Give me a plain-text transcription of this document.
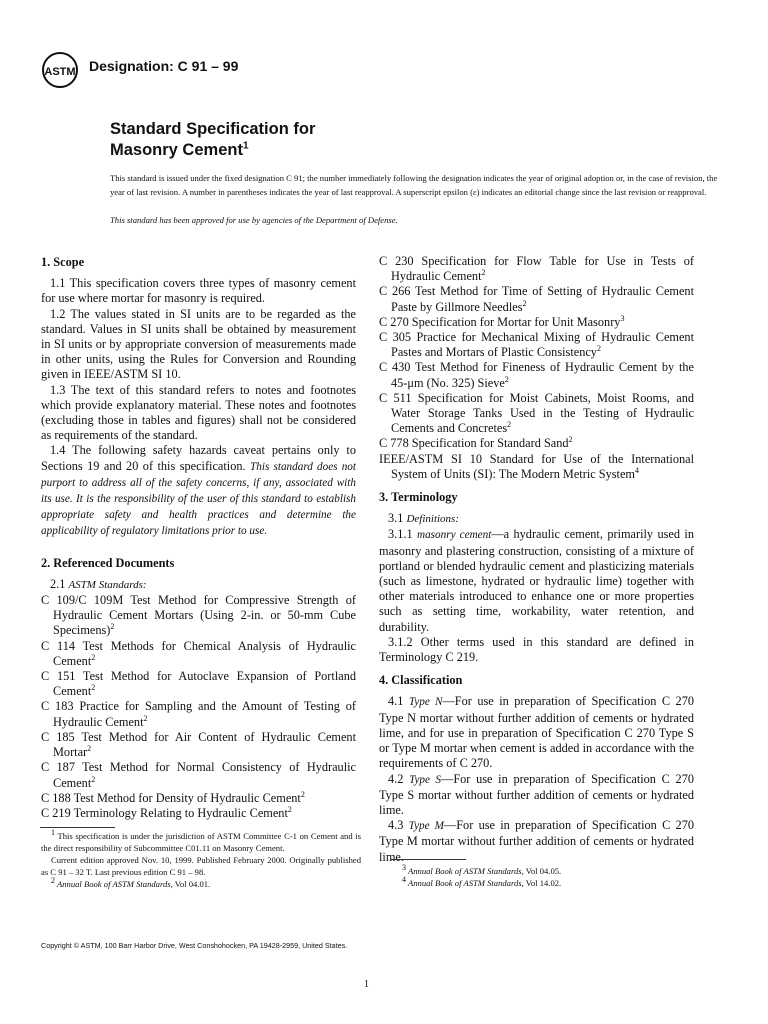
ASTM Designation: C 91 – 99
Standard Specification for
Masonry Cement$^1$
This standard is issued under the fixed designation C 91; the number immediately following the designation indicates the year of original adoption or, in the case of revision, the year of last revision. A number in parentheses indicates the year of last reapproval. A superscript epsilon (ε) indicates an editorial change since the last revision or reapproval.
This standard has been approved for use by agencies of the Department of Defense.
1. Scope

1.1 This specification covers three types of masonry cement for use where mortar for masonry is required.

1.2 The values stated in SI units are to be regarded as the standard. Values in SI units shall be obtained by measurement in SI units or by appropriate conversion of measurements made in other units, using the Rules for Conversion and Rounding given in IEEE/ASTM SI 10.

1.3 The text of this standard refers to notes and footnotes which provide explanatory material. These notes and footnotes (excluding those in tables and figures) shall not be considered as requirements of the standard.

1.4 The following safety hazards caveat pertains only to Sections 19 and 20 of this specification. This standard does not purport to address all of the safety concerns, if any, associated with its use. It is the responsibility of the user of this standard to establish appropriate safety and health practices and determine the applicability of regulatory limitations prior to use.

2. Referenced Documents

2.1 ASTM Standards:

C 109/C 109M Test Method for Compressive Strength of Hydraulic Cement Mortars (Using 2-in. or 50-mm Cube Specimens)$^2$

C 114 Test Methods for Chemical Analysis of Hydraulic Cement$^2$

C 151 Test Method for Autoclave Expansion of Portland Cement$^2$

C 183 Practice for Sampling and the Amount of Testing of Hydraulic Cement$^2$

C 185 Test Method for Air Content of Hydraulic Cement Mortar$^2$

C 187 Test Method for Normal Consistency of Hydraulic Cement$^2$

C 188 Test Method for Density of Hydraulic Cement$^2$

C 219 Terminology Relating to Hydraulic Cement$^2$

C 230 Specification for Flow Table for Use in Tests of Hydraulic Cement$^2$

C 266 Test Method for Time of Setting of Hydraulic Cement Paste by Gillmore Needles$^2$

C 270 Specification for Mortar for Unit Masonry$^3$

C 305 Practice for Mechanical Mixing of Hydraulic Cement Pastes and Mortars of Plastic Consistency$^2$

C 430 Test Method for Fineness of Hydraulic Cement by the 45-μm (No. 325) Sieve$^2$

C 511 Specification for Moist Cabinets, Moist Rooms, and Water Storage Tanks Used in the Testing of Hydraulic Cements and Concretes$^2$

C 778 Specification for Standard Sand$^2$

IEEE/ASTM SI 10 Standard for Use of the International System of Units (SI): The Modern Metric System$^4$

3. Terminology

3.1 Definitions:

3.1.1 masonry cement—a hydraulic cement, primarily used in masonry and plastering construction, consisting of a mixture of portland or blended hydraulic cement and plasticizing materials (such as limestone, hydrated or hydraulic lime) together with other materials introduced to enhance one or more properties such as setting time, workability, water retention, and durability.

3.1.2 Other terms used in this standard are defined in Terminology C 219.

4. Classification

4.1 Type N—For use in preparation of Specification C 270 Type N mortar without further addition of cements or hydrated lime, and for use in preparation of Specification C 270 Type S or Type M mortar when cement is added in accordance with the requirements of C 270.

4.2 Type S—For use in preparation of Specification C 270 Type S mortar without further addition of cements or hydrated lime.

4.3 Type M—For use in preparation of Specification C 270 Type M mortar without further addition of cements or hydrated lime.

$^1$ This specification is under the jurisdiction of ASTM Committee C-1 on Cement and is the direct responsibility of Subcommittee C01.11 on Masonry Cement.

Current edition approved Nov. 10, 1999. Published February 2000. Originally published as C 91 – 32 T. Last previous edition C 91 – 98.

$^2$ Annual Book of ASTM Standards, Vol 04.01.

$^3$ Annual Book of ASTM Standards, Vol 04.05.

$^4$ Annual Book of ASTM Standards, Vol 14.02.

Copyright © ASTM, 100 Barr Harbor Drive, West Conshohocken, PA 19428-2959, United States.
1
